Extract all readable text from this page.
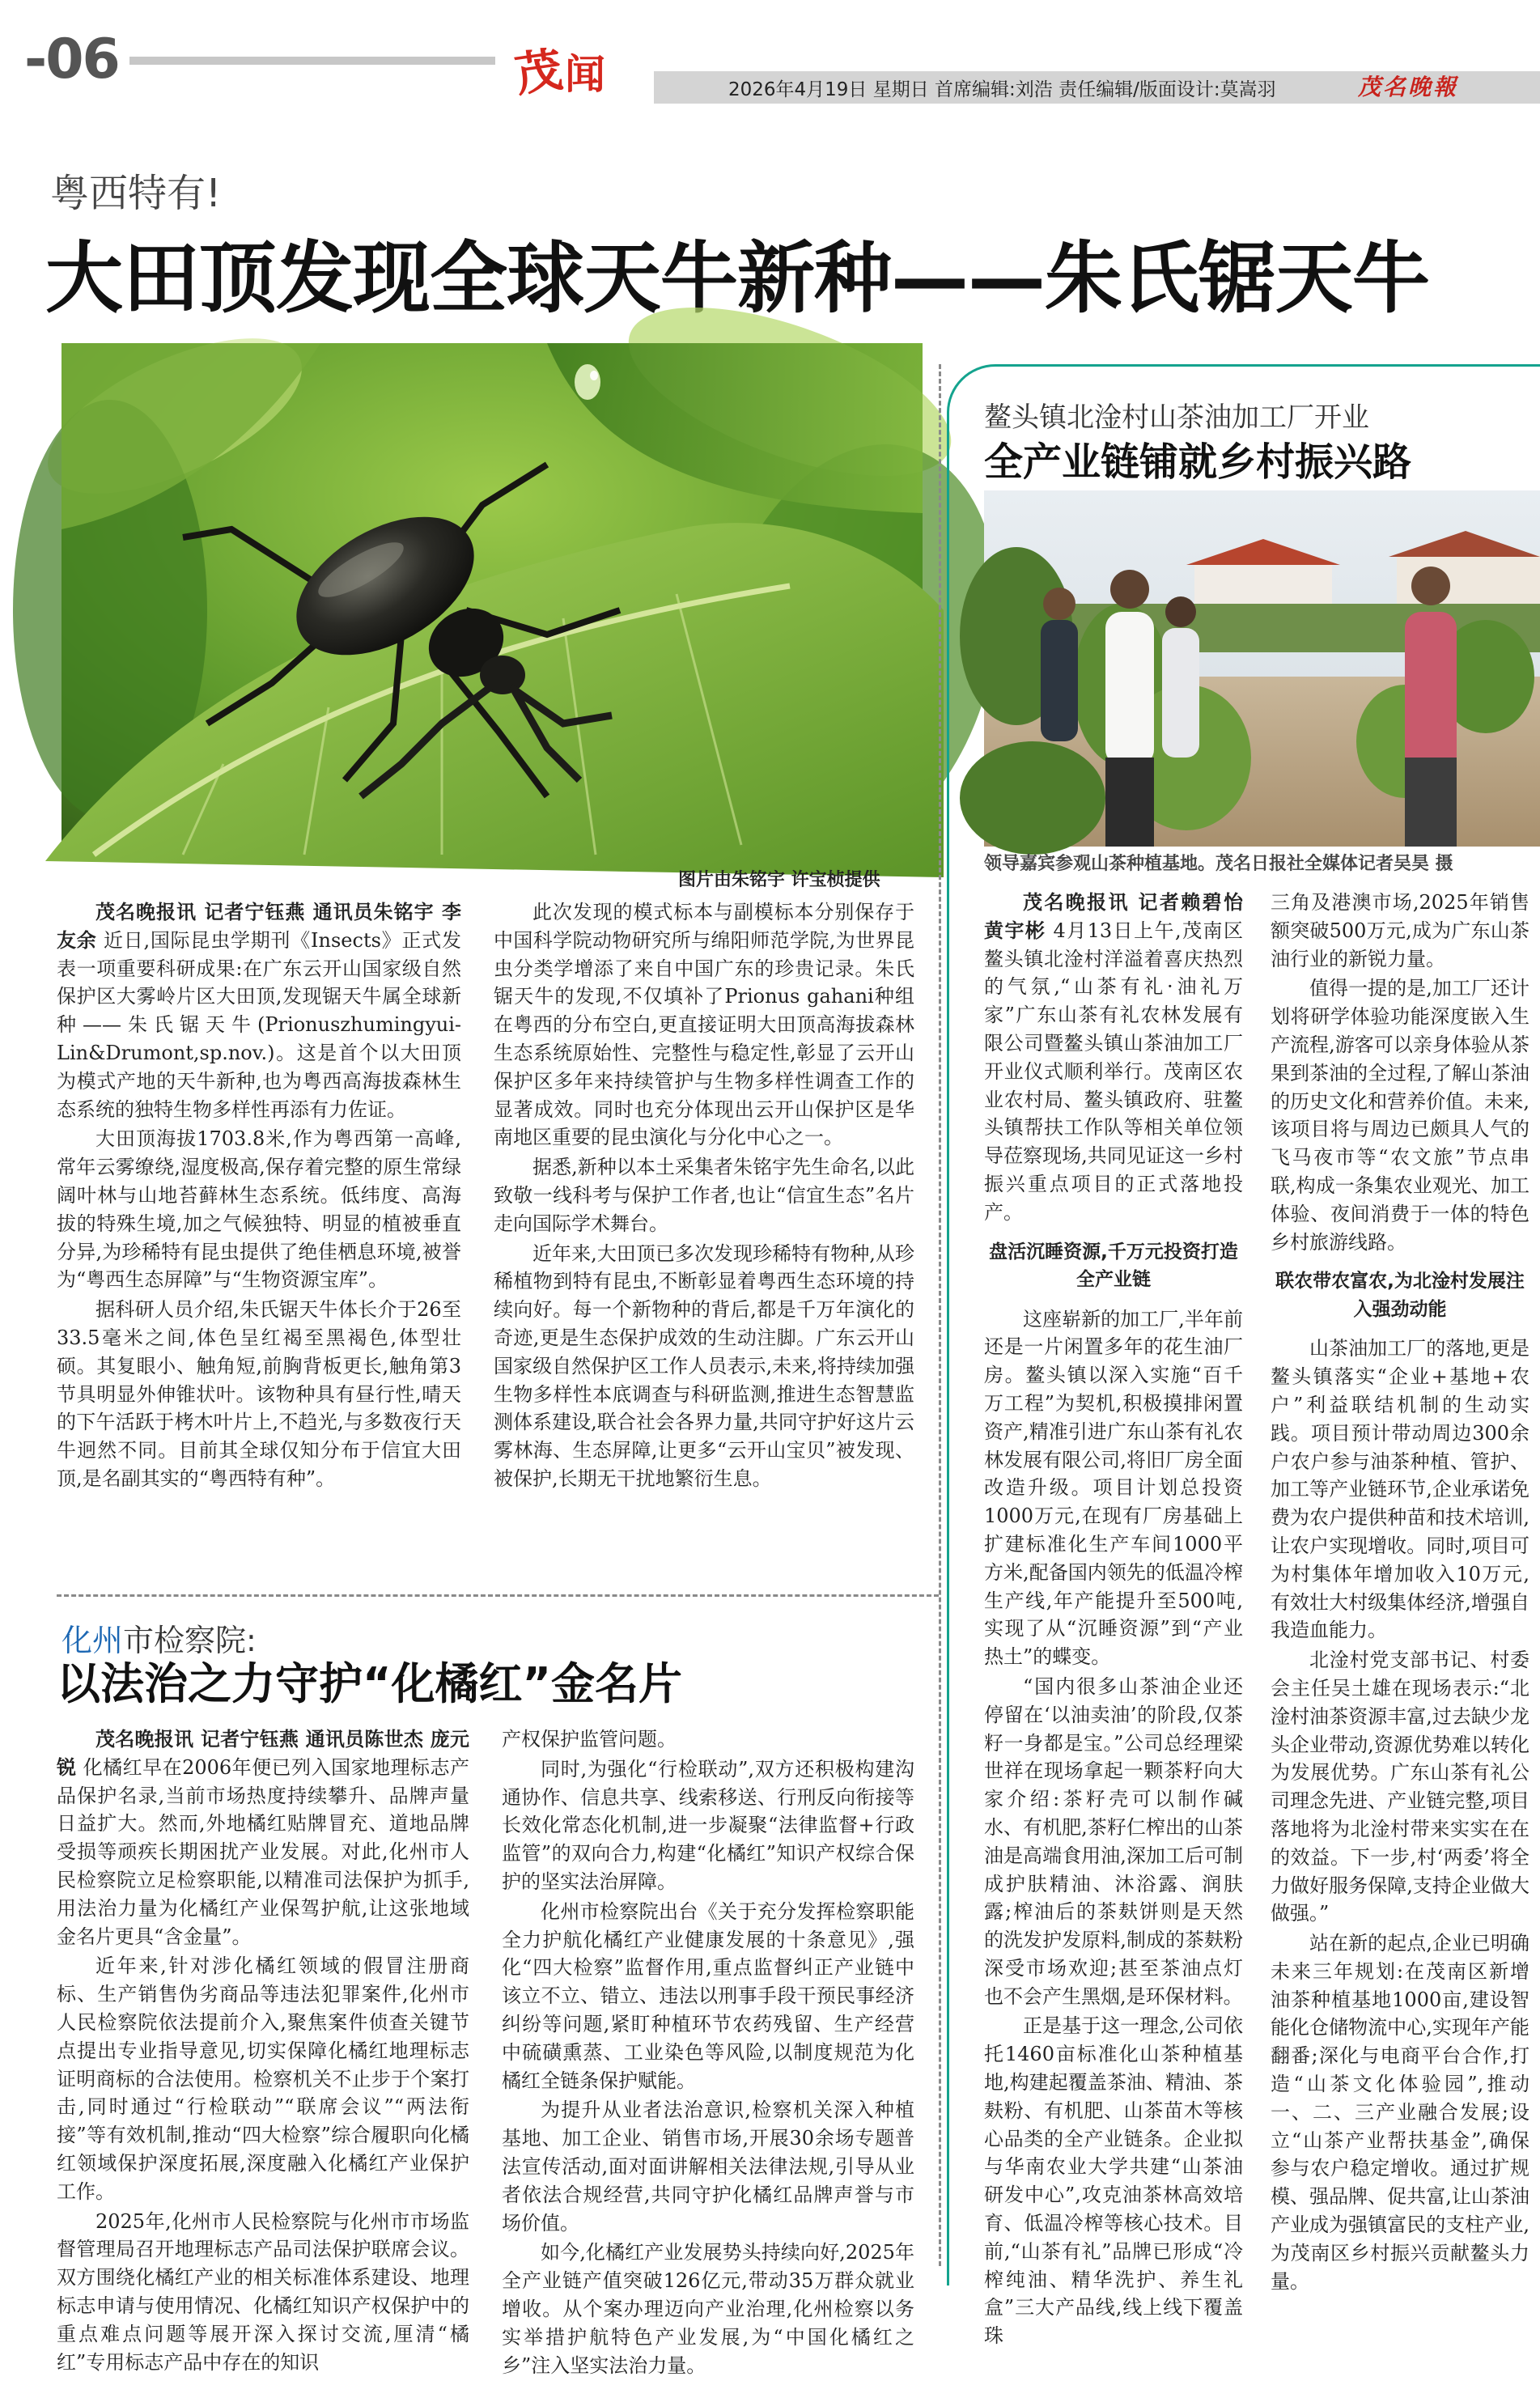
-06	茂闻	2026年4月19日 星期日 首席编辑:刘浩 责任编辑/版面设计:莫嵩羽	茂名晚報
粤西特有!
大田顶发现全球天牛新种——朱氏锯天牛
图片由朱铭宇 许宝桢提供

茂名晚报讯 记者宁钰燕 通讯员朱铭宇 李友余 近日,国际昆虫学期刊《Insects》正式发表一项重要科研成果:在广东云开山国家级自然保护区大雾岭片区大田顶,发现锯天牛属全球新种——朱氏锯天牛(Prionuszhumingyui-Lin&Drumont,sp.nov.)。这是首个以大田顶为模式产地的天牛新种,也为粤西高海拔森林生态系统的独特生物多样性再添有力佐证。

大田顶海拔1703.8米,作为粤西第一高峰,常年云雾缭绕,湿度极高,保存着完整的原生常绿阔叶林与山地苔藓林生态系统。低纬度、高海拔的特殊生境,加之气候独特、明显的植被垂直分异,为珍稀特有昆虫提供了绝佳栖息环境,被誉为“粤西生态屏障”与“生物资源宝库”。

据科研人员介绍,朱氏锯天牛体长介于26至33.5毫米之间,体色呈红褐至黑褐色,体型壮硕。其复眼小、触角短,前胸背板更长,触角第3节具明显外伸锥状叶。该物种具有昼行性,晴天的下午活跃于栲木叶片上,不趋光,与多数夜行天牛迥然不同。目前其全球仅知分布于信宜大田顶,是名副其实的“粤西特有种”。

此次发现的模式标本与副模标本分别保存于中国科学院动物研究所与绵阳师范学院,为世界昆虫分类学增添了来自中国广东的珍贵记录。朱氏锯天牛的发现,不仅填补了Prionus gahani种组在粤西的分布空白,更直接证明大田顶高海拔森林生态系统原始性、完整性与稳定性,彰显了云开山保护区多年来持续管护与生物多样性调查工作的显著成效。同时也充分体现出云开山保护区是华南地区重要的昆虫演化与分化中心之一。

据悉,新种以本土采集者朱铭宇先生命名,以此致敬一线科考与保护工作者,也让“信宜生态”名片走向国际学术舞台。

近年来,大田顶已多次发现珍稀特有物种,从珍稀植物到特有昆虫,不断彰显着粤西生态环境的持续向好。每一个新物种的背后,都是千万年演化的奇迹,更是生态保护成效的生动注脚。广东云开山国家级自然保护区工作人员表示,未来,将持续加强生物多样性本底调查与科研监测,推进生态智慧监测体系建设,联合社会各界力量,共同守护好这片云雾林海、生态屏障,让更多“云开山宝贝”被发现、被保护,长期无干扰地繁衍生息。

鳌头镇北淦村山茶油加工厂开业
全产业链铺就乡村振兴路
领导嘉宾参观山茶种植基地。茂名日报社全媒体记者吴昊 摄

茂名晚报讯 记者赖碧怡 黄宇彬 4月13日上午,茂南区鳌头镇北淦村洋溢着喜庆热烈的气氛,“山茶有礼·油礼万家”广东山茶有礼农林发展有限公司暨鳌头镇山茶油加工厂开业仪式顺利举行。茂南区农业农村局、鳌头镇政府、驻鳌头镇帮扶工作队等相关单位领导莅察现场,共同见证这一乡村振兴重点项目的正式落地投产。

盘活沉睡资源,千万元投资打造全产业链

这座崭新的加工厂,半年前还是一片闲置多年的花生油厂房。鳌头镇以深入实施“百千万工程”为契机,积极摸排闲置资产,精准引进广东山茶有礼农林发展有限公司,将旧厂房全面改造升级。项目计划总投资1000万元,在现有厂房基础上扩建标准化生产车间1000平方米,配备国内领先的低温冷榨生产线,年产能提升至500吨,实现了从“沉睡资源”到“产业热土”的蝶变。

“国内很多山茶油企业还停留在‘以油卖油’的阶段,仅茶籽一身都是宝。”公司总经理梁世祥在现场拿起一颗茶籽向大家介绍:茶籽壳可以制作碱水、有机肥,茶籽仁榨出的山茶油是高端食用油,深加工后可制成护肤精油、沐浴露、润肤露;榨油后的茶麸饼则是天然的洗发护发原料,制成的茶麸粉深受市场欢迎;甚至茶油点灯也不会产生黑烟,是环保材料。

正是基于这一理念,公司依托1460亩标准化山茶种植基地,构建起覆盖茶油、精油、茶麸粉、有机肥、山茶苗木等核心品类的全产业链条。企业拟与华南农业大学共建“山茶油研发中心”,攻克油茶林高效培育、低温冷榨等核心技术。目前,“山茶有礼”品牌已形成“冷榨纯油、精华洗护、养生礼盒”三大产品线,线上线下覆盖珠

三角及港澳市场,2025年销售额突破500万元,成为广东山茶油行业的新锐力量。

值得一提的是,加工厂还计划将研学体验功能深度嵌入生产流程,游客可以亲身体验从茶果到茶油的全过程,了解山茶油的历史文化和营养价值。未来,该项目将与周边已颇具人气的飞马夜市等“农文旅”节点串联,构成一条集农业观光、加工体验、夜间消费于一体的特色乡村旅游线路。

联农带农富农,为北淦村发展注入强劲动能

山茶油加工厂的落地,更是鳌头镇落实“企业+基地+农户”利益联结机制的生动实践。项目预计带动周边300余户农户参与油茶种植、管护、加工等产业链环节,企业承诺免费为农户提供种苗和技术培训,让农户实现增收。同时,项目可为村集体年增加收入10万元,有效壮大村级集体经济,增强自我造血能力。

北淦村党支部书记、村委会主任吴土雄在现场表示:“北淦村油茶资源丰富,过去缺少龙头企业带动,资源优势难以转化为发展优势。广东山茶有礼公司理念先进、产业链完整,项目落地将为北淦村带来实实在在的效益。下一步,村‘两委’将全力做好服务保障,支持企业做大做强。”

站在新的起点,企业已明确未来三年规划:在茂南区新增油茶种植基地1000亩,建设智能化仓储物流中心,实现年产能翻番;深化与电商平台合作,打造“山茶文化体验园”,推动一、二、三产业融合发展;设立“山茶产业帮扶基金”,确保参与农户稳定增收。通过扩规模、强品牌、促共富,让山茶油产业成为强镇富民的支柱产业,为茂南区乡村振兴贡献鳌头力量。

化州市检察院:
以法治之力守护“化橘红”金名片

茂名晚报讯 记者宁钰燕 通讯员陈世杰 庞元锐 化橘红早在2006年便已列入国家地理标志产品保护名录,当前市场热度持续攀升、品牌声量日益扩大。然而,外地橘红贴牌冒充、道地品牌受损等顽疾长期困扰产业发展。对此,化州市人民检察院立足检察职能,以精准司法保护为抓手,用法治力量为化橘红产业保驾护航,让这张地域金名片更具“含金量”。

近年来,针对涉化橘红领域的假冒注册商标、生产销售伪劣商品等违法犯罪案件,化州市人民检察院依法提前介入,聚焦案件侦查关键节点提出专业指导意见,切实保障化橘红地理标志证明商标的合法使用。检察机关不止步于个案打击,同时通过“行检联动”“联席会议”“两法衔接”等有效机制,推动“四大检察”综合履职向化橘红领域保护深度拓展,深度融入化橘红产业保护工作。

2025年,化州市人民检察院与化州市市场监督管理局召开地理标志产品司法保护联席会议。双方围绕化橘红产业的相关标准体系建设、地理标志申请与使用情况、化橘红知识产权保护中的重点难点问题等展开深入探讨交流,厘清“橘红”专用标志产品中存在的知识

产权保护监管问题。

同时,为强化“行检联动”,双方还积极构建沟通协作、信息共享、线索移送、行刑反向衔接等长效化常态化机制,进一步凝聚“法律监督+行政监管”的双向合力,构建“化橘红”知识产权综合保护的坚实法治屏障。

化州市检察院出台《关于充分发挥检察职能全力护航化橘红产业健康发展的十条意见》,强化“四大检察”监督作用,重点监督纠正产业链中该立不立、错立、违法以刑事手段干预民事经济纠纷等问题,紧盯种植环节农药残留、生产经营中硫磺熏蒸、工业染色等风险,以制度规范为化橘红全链条保护赋能。

为提升从业者法治意识,检察机关深入种植基地、加工企业、销售市场,开展30余场专题普法宣传活动,面对面讲解相关法律法规,引导从业者依法合规经营,共同守护化橘红品牌声誉与市场价值。

如今,化橘红产业发展势头持续向好,2025年全产业链产值突破126亿元,带动35万群众就业增收。从个案办理迈向产业治理,化州检察以务实举措护航特色产业发展,为“中国化橘红之乡”注入坚实法治力量。
